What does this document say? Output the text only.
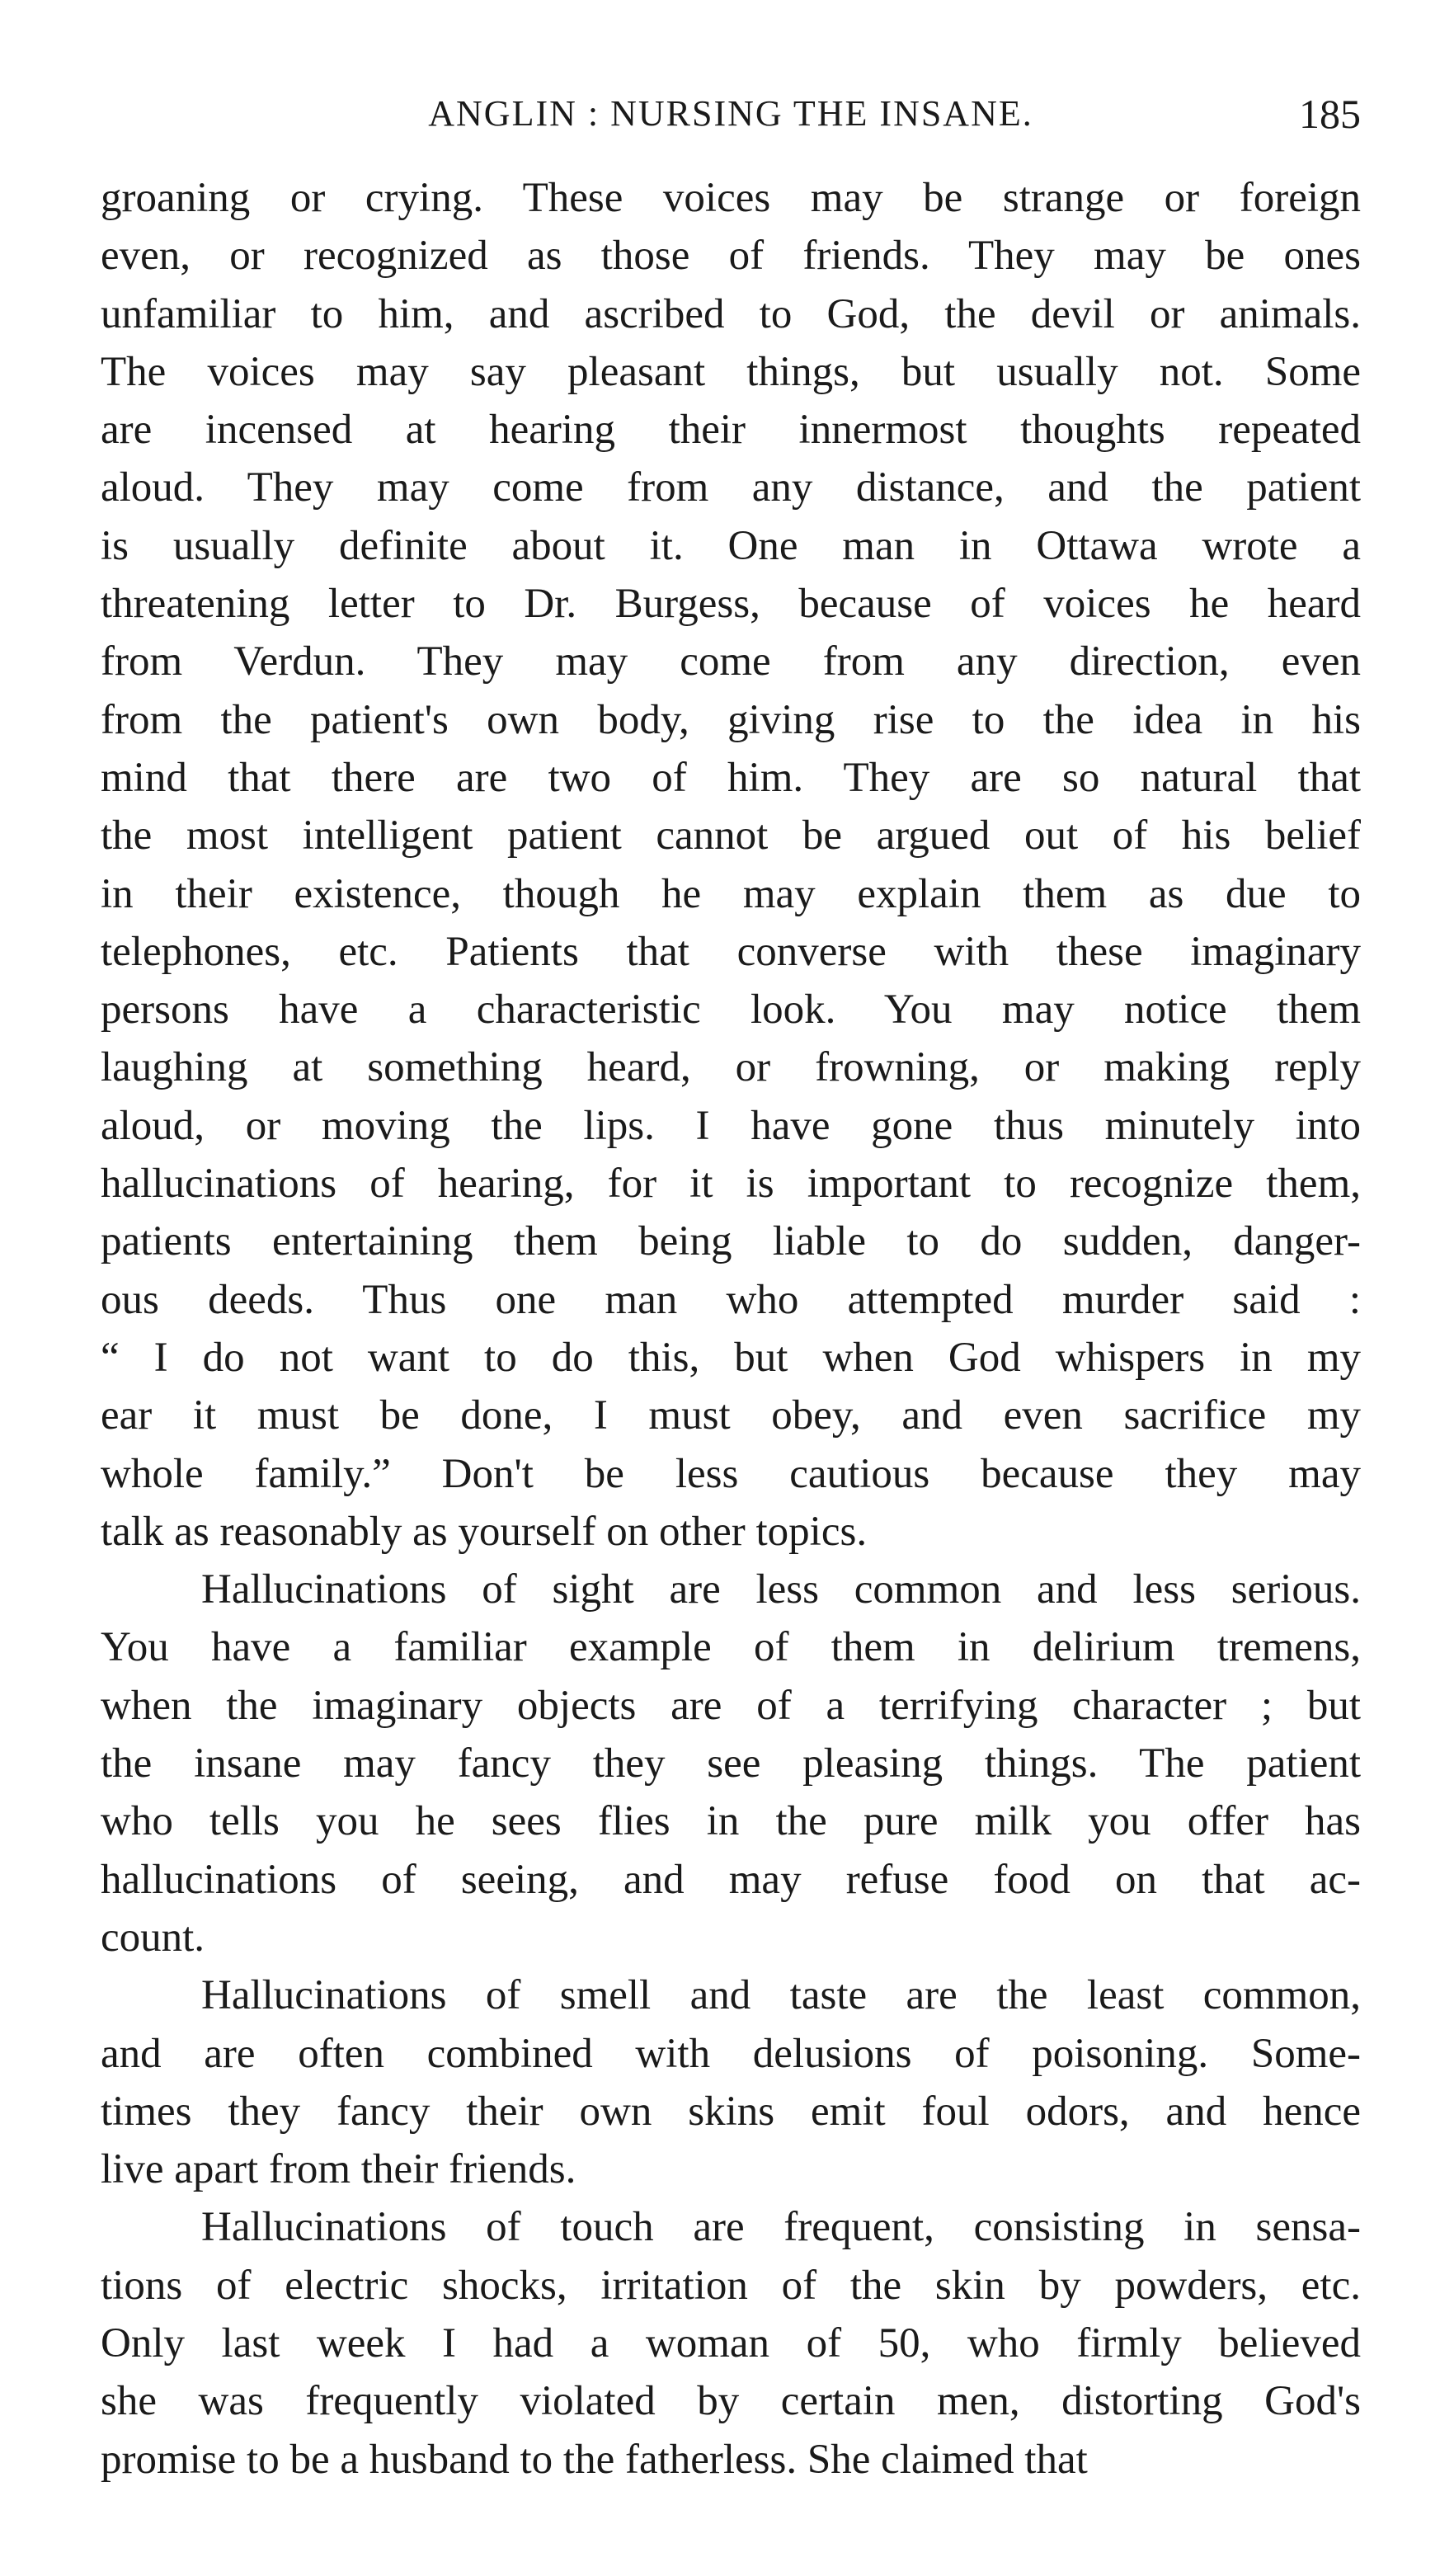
ANGLIN : NURSING THE INSANE.	185
groaning or crying. These voices may be strange or foreign
even, or recognized as those of friends. They may be ones
unfamiliar to him, and ascribed to God, the devil or animals.
The voices may say pleasant things, but usually not. Some
are incensed at hearing their innermost thoughts repeated
aloud. They may come from any distance, and the patient
is usually definite about it. One man in Ottawa wrote a
threatening letter to Dr. Burgess, because of voices he heard
from Verdun. They may come from any direction, even
from the patient's own body, giving rise to the idea in his
mind that there are two of him. They are so natural that
the most intelligent patient cannot be argued out of his belief
in their existence, though he may explain them as due to
telephones, etc. Patients that converse with these imaginary
persons have a characteristic look. You may notice them
laughing at something heard, or frowning, or making reply
aloud, or moving the lips. I have gone thus minutely into
hallucinations of hearing, for it is important to recognize them,
patients entertaining them being liable to do sudden, danger-
ous deeds. Thus one man who attempted murder said :
“ I do not want to do this, but when God whispers in my
ear it must be done, I must obey, and even sacrifice my
whole family.” Don't be less cautious because they may
talk as reasonably as yourself on other topics.
Hallucinations of sight are less common and less serious.
You have a familiar example of them in delirium tremens,
when the imaginary objects are of a terrifying character ; but
the insane may fancy they see pleasing things. The patient
who tells you he sees flies in the pure milk you offer has
hallucinations of seeing, and may refuse food on that ac-
count.
Hallucinations of smell and taste are the least common,
and are often combined with delusions of poisoning. Some-
times they fancy their own skins emit foul odors, and hence
live apart from their friends.
Hallucinations of touch are frequent, consisting in sensa-
tions of electric shocks, irritation of the skin by powders, etc.
Only last week I had a woman of 50, who firmly believed
she was frequently violated by certain men, distorting God's
promise to be a husband to the fatherless. She claimed that
